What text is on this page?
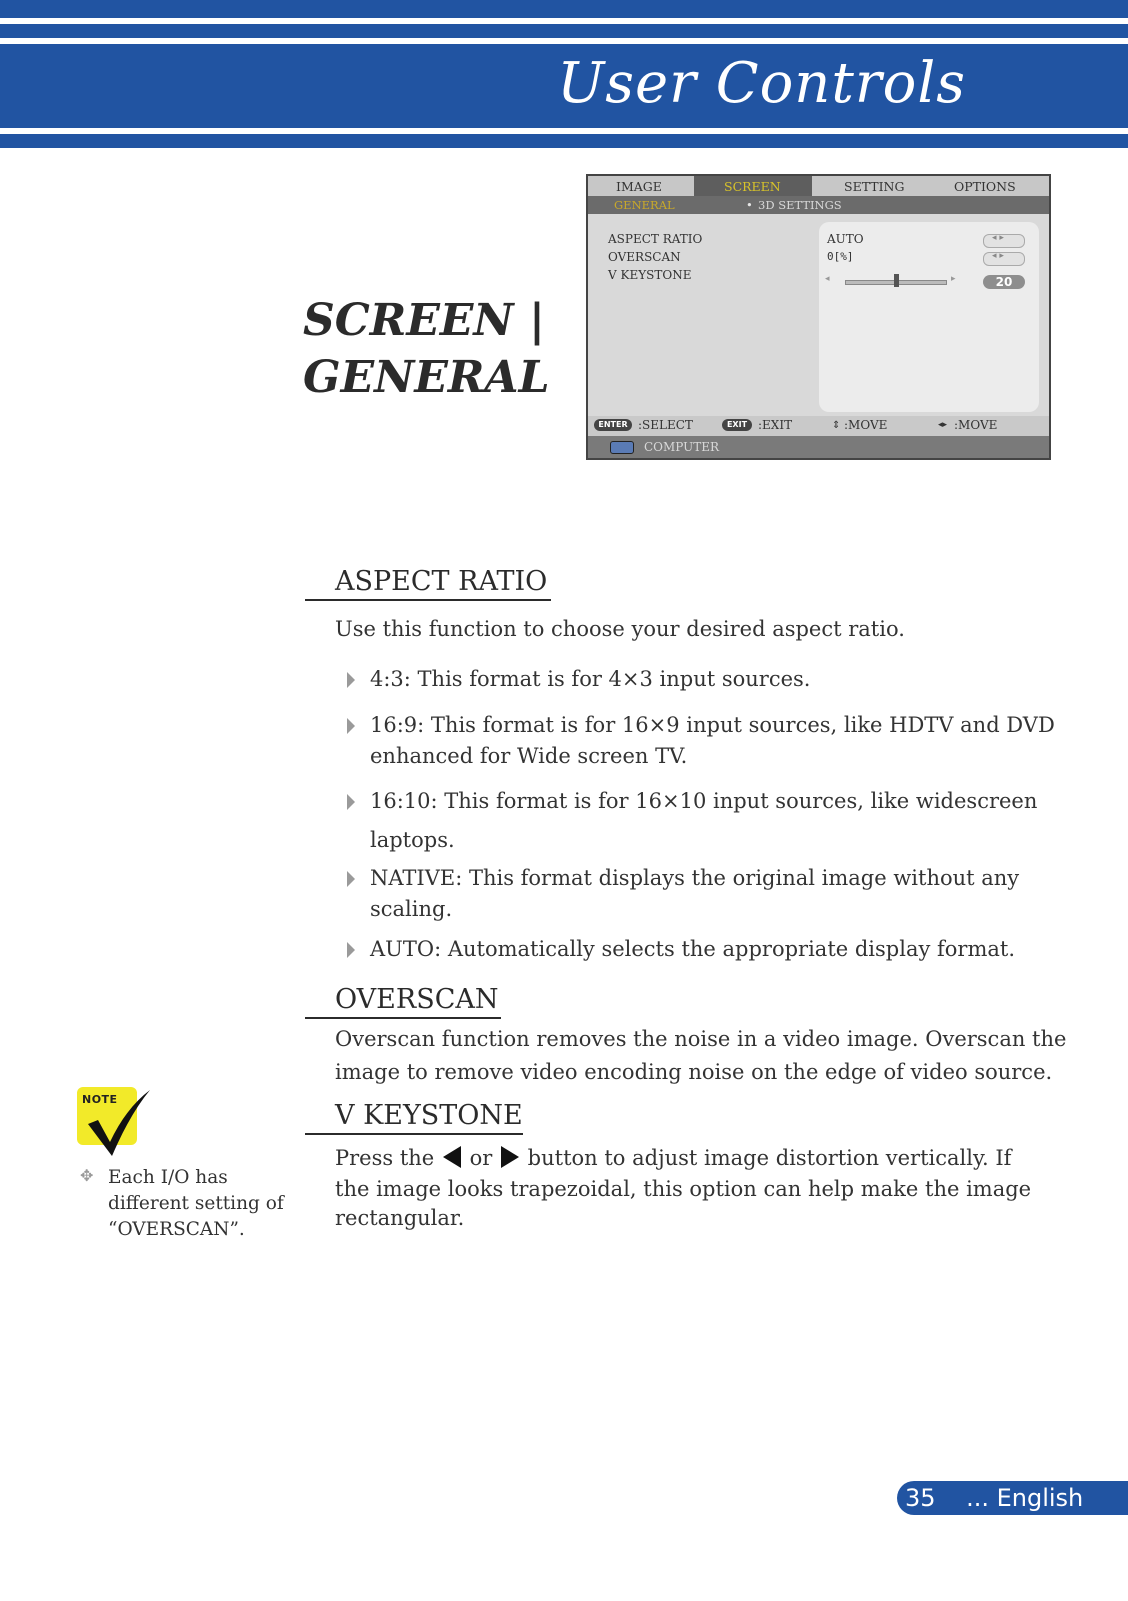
User Controls
SCREEN |
GENERAL
IMAGE	SCREEN	SETTING	OPTIONS
GENERAL	• 3D SETTINGS
ASPECT RATIO
OVERSCAN
V KEYSTONE
AUTO
◂ ▸
0[%]
◂ ▸
◂	▸	20
ENTER :SELECT	EXIT :EXIT	⇕ :MOVE	◂▸ :MOVE
COMPUTER
ASPECT RATIO
Use this function to choose your desired aspect ratio.
4:3: This format is for 4×3 input sources.
16:9: This format is for 16×9 input sources, like HDTV and DVD
enhanced for Wide screen TV.
16:10: This format is for 16×10 input sources, like widescreen
laptops.
NATIVE: This format displays the original image without any
scaling.
AUTO: Automatically selects the appropriate display format.
OVERSCAN
Overscan function removes the noise in a video image. Overscan the
image to remove video encoding noise on the edge of video source.
V KEYSTONE
Press the or button to adjust image distortion vertically. If
the image looks trapezoidal, this option can help make the image
rectangular.
NOTE
✥ Each I/O has
different setting of
“OVERSCAN”.
35 ... English
